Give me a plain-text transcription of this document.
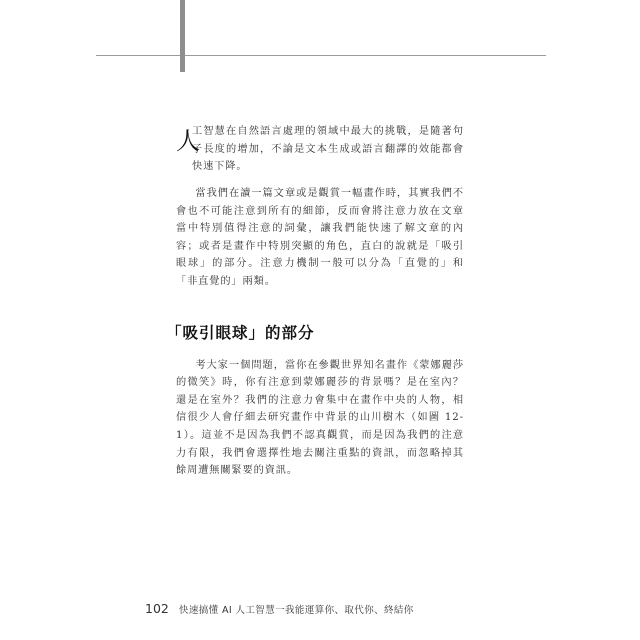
人
工智慧在自然語言處理的領域中最大的挑戰，是隨著句子長度的增加，不論是文本生成或語言翻譯的效能都會快速下降。

當我們在讀一篇文章或是觀賞一幅畫作時，其實我們不會也不可能注意到所有的細節，反而會將注意力放在文章當中特別值得注意的詞彙，讓我們能快速了解文章的內容；或者是畫作中特別突顯的角色，直白的說就是「吸引眼球」的部分。注意力機制一般可以分為「直覺的」和「非直覺的」兩類。

「吸引眼球」的部分

考大家一個問題，當你在參觀世界知名畫作《蒙娜麗莎的微笑》時，你有注意到蒙娜麗莎的背景嗎？是在室內？還是在室外？我們的注意力會集中在畫作中央的人物，相信很少人會仔細去研究畫作中背景的山川樹木（如圖 12-1）。這並不是因為我們不認真觀賞，而是因為我們的注意力有限，我們會選擇性地去關注重點的資訊，而忽略掉其餘周遭無關緊要的資訊。

102 快速搞懂 AI 人工智慧一我能運算你、取代你、終結你
